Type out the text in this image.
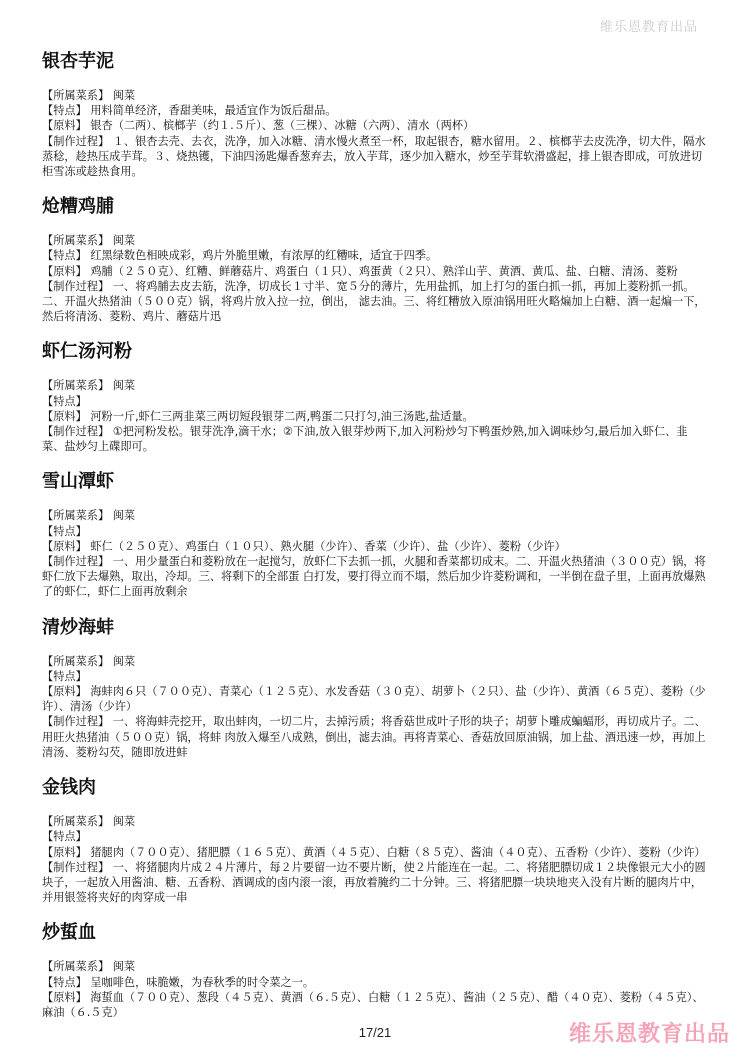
维乐恩教育出品
银杏芋泥

【所属菜系】 闽菜

【特点】 用料简单经济，香甜美味，最适宜作为饭后甜品。

【原料】 银杏（二两）、槟榔芋（约１.５斤）、葱（三棵）、冰糖（六两）、清水（两杯）

【制作过程】 １、银杏去壳、去衣，洗净，加入冰糖、清水慢火煮至一杯，取起银杏，糖水留用。２、槟榔芋去皮洗净，切大件，隔水蒸稔，趁热压成芋茸。３、烧热镬，下油四汤匙爆香葱弃去，放入芋茸，逐少加入糖水，炒至芋茸软滑盛起，排上银杏即成，可放进切柜雪冻或趁热食用。

炝糟鸡脯

【所属菜系】 闽菜

【特点】 红黑绿数色相映成彩，鸡片外脆里嫩，有浓厚的红糟味，适宜于四季。

【原料】 鸡脯（２５０克）、红糟、鲜蘑菇片、鸡蛋白（１只）、鸡蛋黄（２只）、熟洋山芋、黄酒、黄瓜、盐、白糖、清汤、菱粉

【制作过程】 一、将鸡脯去皮去筋，洗净，切成长１寸半、宽５分的薄片，先用盐抓，加上打匀的蛋白抓一抓，再加上菱粉抓一抓。二、开温火热猪油（５００克）锅，将鸡片放入拉一拉，倒出， 滤去油。三、将红糟放入原油锅用旺火略煸加上白糖、酒一起煸一下，然后将清汤、菱粉、鸡片、蘑菇片迅

虾仁汤河粉

【所属菜系】 闽菜

【特点】

【原料】 河粉一斤,虾仁三两韭菜三两切短段银芽二两,鸭蛋二只打匀,油三汤匙,盐适量。

【制作过程】 ①把河粉发松。银芽洗净,滴干水；②下油,放入银芽炒两下,加入河粉炒匀下鸭蛋炒熟,加入调味炒匀,最后加入虾仁、韭菜、盐炒匀上碟即可。

雪山潭虾

【所属菜系】 闽菜

【特点】

【原料】 虾仁（２５０克）、鸡蛋白（１０只）、熟火腿（少许）、香菜（少许）、盐（少许）、菱粉（少许）

【制作过程】 一、用少量蛋白和菱粉放在一起搅匀，放虾仁下去抓一抓，火腿和香菜都切成末。二、开温火热猪油（３００克）锅，将虾仁放下去爆熟，取出，冷却。三、将剩下的全部蛋 白打发，要打得立而不塌，然后加少许菱粉调和，一半倒在盘子里，上面再放爆熟了的虾仁，虾仁上面再放剩余

清炒海蚌

【所属菜系】 闽菜

【特点】

【原料】 海蚌肉６只（７００克）、青菜心（１２５克）、水发香菇（３０克）、胡萝卜（２只）、盐（少许）、黄酒（６５克）、菱粉（少许）、清汤（少许）

【制作过程】 一、将海蚌壳挖开，取出蚌肉，一切二片，去掉污质；将香菇世成叶子形的块子；胡萝卜雕成蝙蝠形，再切成片子。二、用旺火热猪油（５００克）锅，将蚌 肉放入爆至八成熟，倒出，滤去油。再将青菜心、香菇放回原油锅，加上盐、酒迅速一炒，再加上清汤、菱粉勾芡，随即放进蚌

金钱肉

【所属菜系】 闽菜

【特点】

【原料】 猪腿肉（７００克）、猪肥膘（１６５克）、黄酒（４５克）、白糖（８５克）、酱油（４０克）、五香粉（少许）、菱粉（少许）

【制作过程】 一、将猪腿肉片成２４片薄片，每２片要留一边不要片断，使２片能连在一起。二、将猪肥膘切成１２块像银元大小的圆块子，一起放入用酱油、糖、五香粉、酒调成的卤内滚一滚，再放着腌约二十分钟。三、将猪肥膘一块块地夹入没有片断的腿肉片中，并用银签将夹好的肉穿成一串

炒蜇血

【所属菜系】 闽菜

【特点】 呈咖啡色，味脆嫩，为春秋季的时令菜之一。

【原料】 海蜇血（７００克）、葱段（４５克）、黄酒（６.５克）、白糖（１２５克）、酱油（２５克）、醋（４０克）、菱粉（４５克）、麻油（６.５克）

17/21	维乐恩教育出品
